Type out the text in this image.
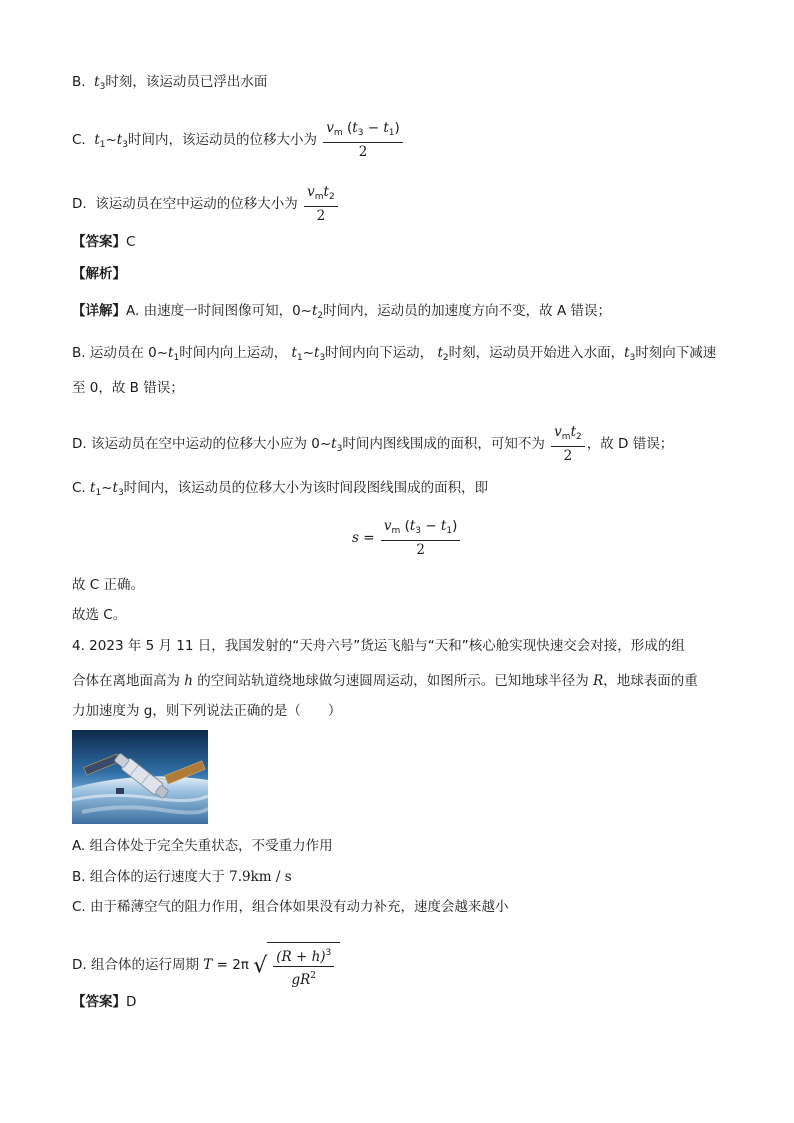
B. $t_3$时刻，该运动员已浮出水面
C. $t_1\sim t_3$时间内，该运动员的位移大小为 $\frac{v_m (t_3 - t_1)}{2}$
D. 该运动员在空中运动的位移大小为 $\frac{v_mt_2}{2}$
【答案】C
【解析】
【详解】A. 由速度一时间图像可知，$0\sim t_2$时间内，运动员的加速度方向不变，故 A 错误；
B. 运动员在 $0\sim t_1$时间内向上运动， $t_1\sim t_3$时间内向下运动， $t_2$时刻，运动员开始进入水面，$t_3$时刻向下减速
至 0，故 B 错误；
D. 该运动员在空中运动的位移大小应为 $0\sim t_3$时间内图线围成的面积，可知不为 $\frac{v_mt_2}{2}$ ，故 D 错误；
C. $t_1\sim t_3$时间内，该运动员的位移大小为该时间段图线围成的面积，即
$s = \frac{v_m (t_3 - t_1)}{2}$
故 C 正确。
故选 C。
4. 2023 年 5 月 11 日，我国发射的“天舟六号”货运飞船与“天和”核心舱实现快速交会对接，形成的组
合体在离地面高为 h 的空间站轨道绕地球做匀速圆周运动，如图所示。已知地球半径为 R，地球表面的重
力加速度为 g，则下列说法正确的是（　　）
A. 组合体处于完全失重状态，不受重力作用
B. 组合体的运行速度大于 7.9km / s
C. 由于稀薄空气的阻力作用，组合体如果没有动力补充，速度会越来越小
D. 组合体的运行周期 T = 2π √ $\frac{(R + h)^3}{gR^2}$
【答案】D
